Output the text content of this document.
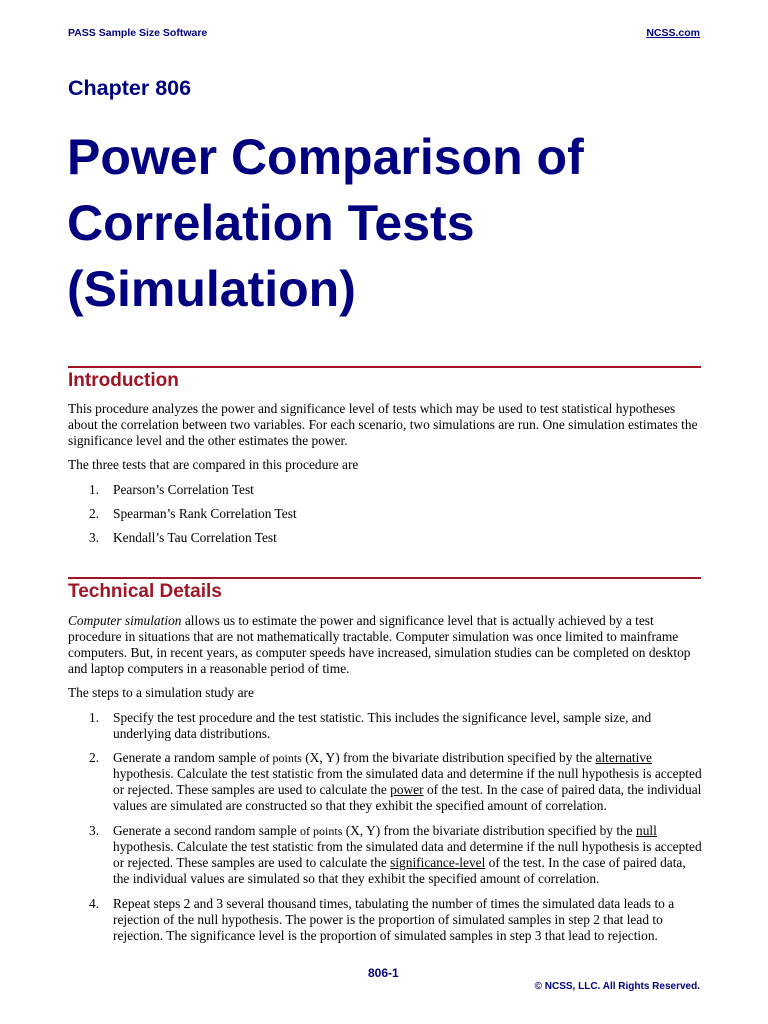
PASS Sample Size Software	NCSS.com
Chapter 806
Power Comparison of
Correlation Tests
(Simulation)
Introduction

This procedure analyzes the power and significance level of tests which may be used to test statistical hypotheses about the correlation between two variables. For each scenario, two simulations are run. One simulation estimates the significance level and the other estimates the power.

The three tests that are compared in this procedure are

1. Pearson’s Correlation Test
2. Spearman’s Rank Correlation Test
3. Kendall’s Tau Correlation Test
Technical Details

Computer simulation allows us to estimate the power and significance level that is actually achieved by a test procedure in situations that are not mathematically tractable. Computer simulation was once limited to mainframe computers. But, in recent years, as computer speeds have increased, simulation studies can be completed on desktop and laptop computers in a reasonable period of time.

The steps to a simulation study are

1. Specify the test procedure and the test statistic. This includes the significance level, sample size, and underlying data distributions.
2. Generate a random sample of points (X, Y) from the bivariate distribution specified by the alternative hypothesis. Calculate the test statistic from the simulated data and determine if the null hypothesis is accepted or rejected. These samples are used to calculate the power of the test. In the case of paired data, the individual values are simulated are constructed so that they exhibit the specified amount of correlation.
3. Generate a second random sample of points (X, Y) from the bivariate distribution specified by the null hypothesis. Calculate the test statistic from the simulated data and determine if the null hypothesis is accepted or rejected. These samples are used to calculate the significance-level of the test. In the case of paired data, the individual values are simulated so that they exhibit the specified amount of correlation.
4. Repeat steps 2 and 3 several thousand times, tabulating the number of times the simulated data leads to a rejection of the null hypothesis. The power is the proportion of simulated samples in step 2 that lead to rejection. The significance level is the proportion of simulated samples in step 3 that lead to rejection.
806-1
© NCSS, LLC. All Rights Reserved.
